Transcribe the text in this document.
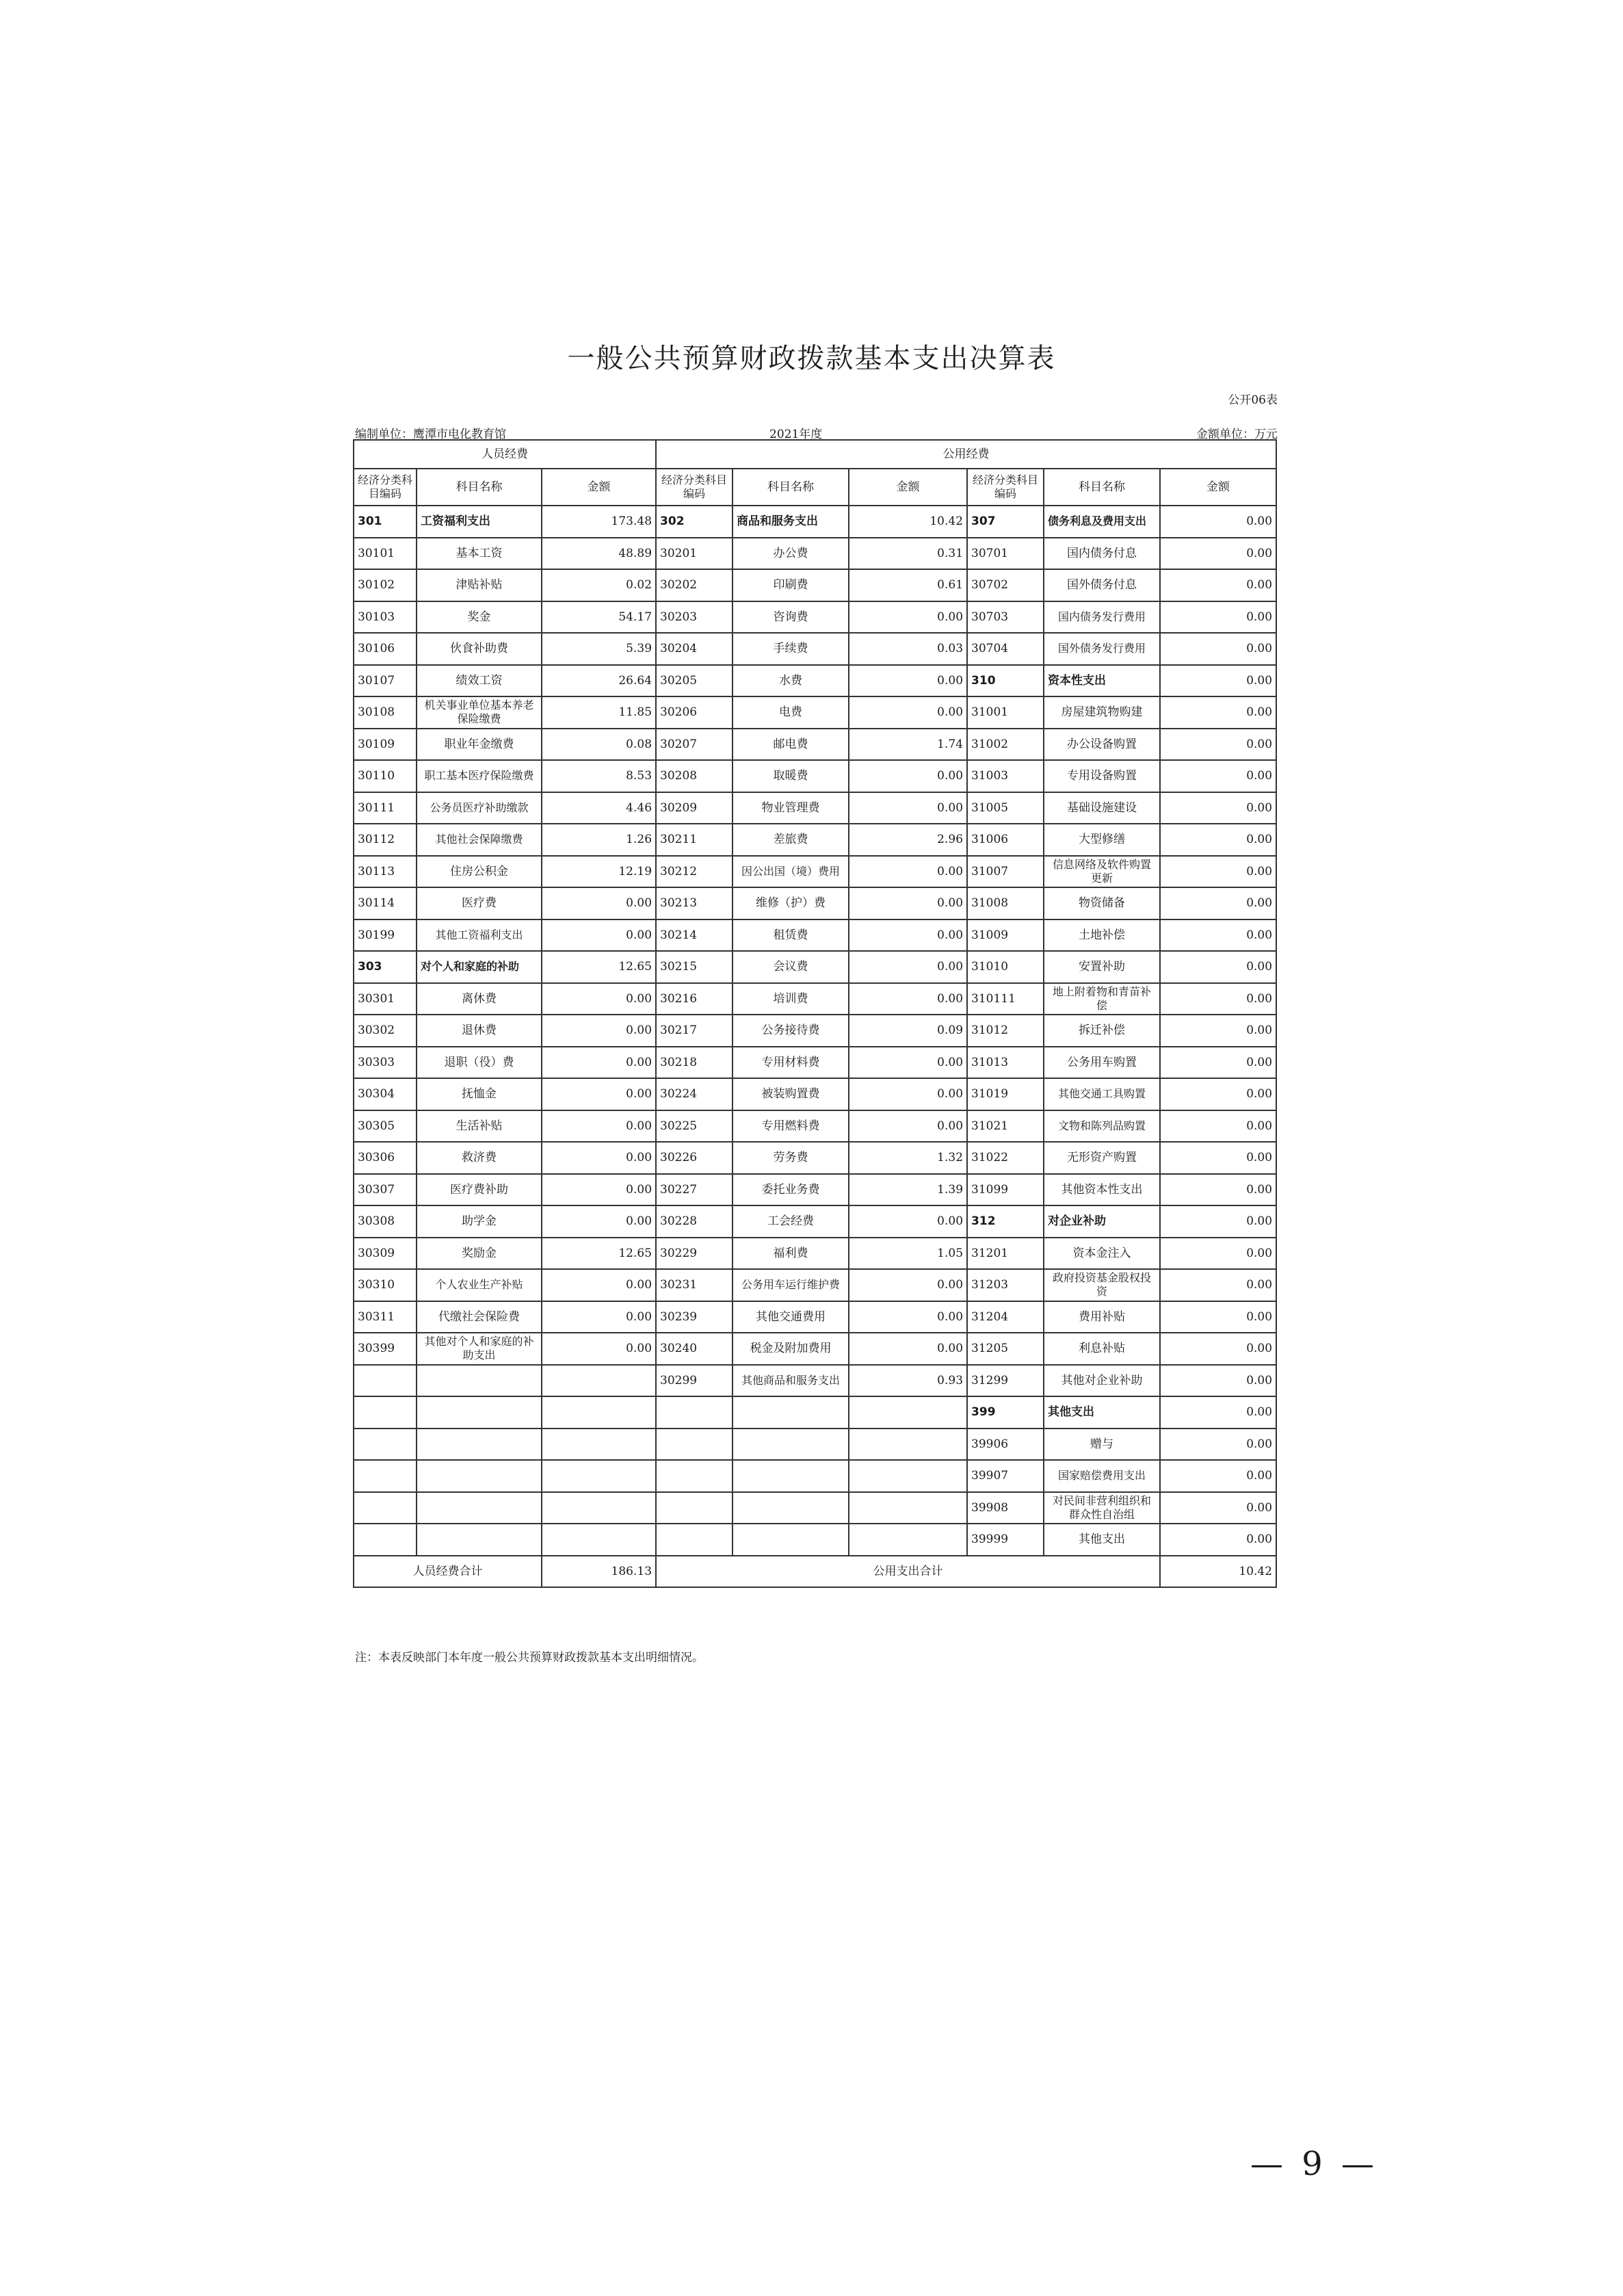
一般公共预算财政拨款基本支出决算表
公开06表
编制单位：鹰潭市电化教育馆	2021年度	金额单位：万元
人员经费			公用经费					
经济分类科目编码	科目名称	金额	经济分类科目编码	科目名称	金额	经济分类科目编码	科目名称	金额
301	工资福利支出	173.48	302	商品和服务支出	10.42	307	债务利息及费用支出	0.00
30101	基本工资	48.89	30201	办公费	0.31	30701	国内债务付息	0.00
30102	津贴补贴	0.02	30202	印刷费	0.61	30702	国外债务付息	0.00
30103	奖金	54.17	30203	咨询费	0.00	30703	国内债务发行费用	0.00
30106	伙食补助费	5.39	30204	手续费	0.03	30704	国外债务发行费用	0.00
30107	绩效工资	26.64	30205	水费	0.00	310	资本性支出	0.00
30108	机关事业单位基本养老保险缴费	11.85	30206	电费	0.00	31001	房屋建筑物购建	0.00
30109	职业年金缴费	0.08	30207	邮电费	1.74	31002	办公设备购置	0.00
30110	职工基本医疗保险缴费	8.53	30208	取暖费	0.00	31003	专用设备购置	0.00
30111	公务员医疗补助缴款	4.46	30209	物业管理费	0.00	31005	基础设施建设	0.00
30112	其他社会保障缴费	1.26	30211	差旅费	2.96	31006	大型修缮	0.00
30113	住房公积金	12.19	30212	因公出国（境）费用	0.00	31007	信息网络及软件购置更新	0.00
30114	医疗费	0.00	30213	维修（护）费	0.00	31008	物资储备	0.00
30199	其他工资福利支出	0.00	30214	租赁费	0.00	31009	土地补偿	0.00
303	对个人和家庭的补助	12.65	30215	会议费	0.00	31010	安置补助	0.00
30301	离休费	0.00	30216	培训费	0.00	310111	地上附着物和青苗补偿	0.00
30302	退休费	0.00	30217	公务接待费	0.09	31012	拆迁补偿	0.00
30303	退职（役）费	0.00	30218	专用材料费	0.00	31013	公务用车购置	0.00
30304	抚恤金	0.00	30224	被装购置费	0.00	31019	其他交通工具购置	0.00
30305	生活补贴	0.00	30225	专用燃料费	0.00	31021	文物和陈列品购置	0.00
30306	救济费	0.00	30226	劳务费	1.32	31022	无形资产购置	0.00
30307	医疗费补助	0.00	30227	委托业务费	1.39	31099	其他资本性支出	0.00
30308	助学金	0.00	30228	工会经费	0.00	312	对企业补助	0.00
30309	奖励金	12.65	30229	福利费	1.05	31201	资本金注入	0.00
30310	个人农业生产补贴	0.00	30231	公务用车运行维护费	0.00	31203	政府投资基金股权投资	0.00
30311	代缴社会保险费	0.00	30239	其他交通费用	0.00	31204	费用补贴	0.00
30399	其他对个人和家庭的补助支出	0.00	30240	税金及附加费用	0.00	31205	利息补贴	0.00
			30299	其他商品和服务支出	0.93	31299	其他对企业补助	0.00
						399	其他支出	0.00
						39906	赠与	0.00
						39907	国家赔偿费用支出	0.00
						39908	对民间非营利组织和群众性自治组	0.00
						39999	其他支出	0.00
人员经费合计		186.13	公用支出合计					10.42
注：本表反映部门本年度一般公共预算财政拨款基本支出明细情况。
— 9 —
